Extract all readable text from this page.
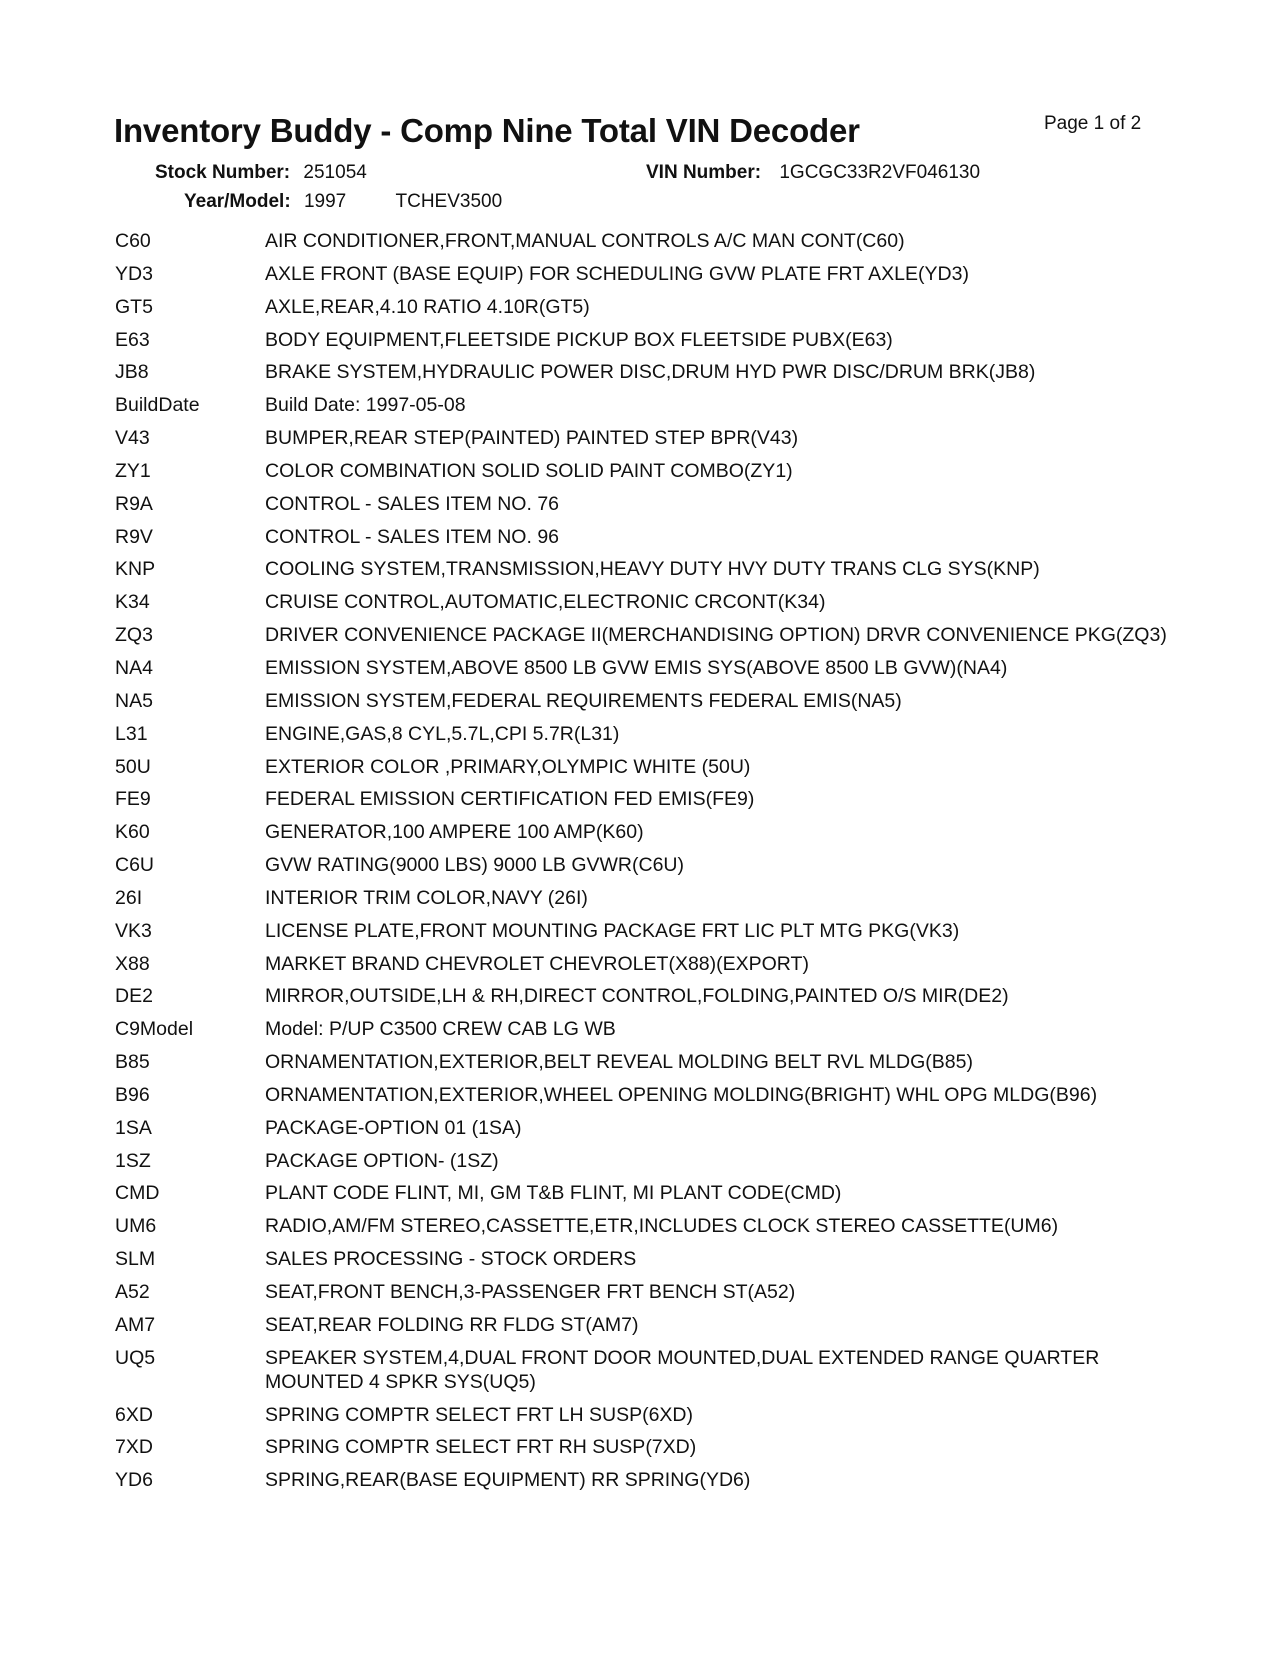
Page 1 of 2
Inventory Buddy - Comp Nine Total VIN Decoder
Stock Number: 251054	VIN Number: 1GCGC33R2VF046130
Year/Model: 1997	TCHEV3500
C60	AIR CONDITIONER,FRONT,MANUAL CONTROLS A/C MAN CONT(C60)
YD3	AXLE FRONT (BASE EQUIP) FOR SCHEDULING GVW PLATE FRT AXLE(YD3)
GT5	AXLE,REAR,4.10 RATIO 4.10R(GT5)
E63	BODY EQUIPMENT,FLEETSIDE PICKUP BOX FLEETSIDE PUBX(E63)
JB8	BRAKE SYSTEM,HYDRAULIC POWER DISC,DRUM HYD PWR DISC/DRUM BRK(JB8)
BuildDate	Build Date: 1997-05-08
V43	BUMPER,REAR STEP(PAINTED) PAINTED STEP BPR(V43)
ZY1	COLOR COMBINATION SOLID SOLID PAINT COMBO(ZY1)
R9A	CONTROL - SALES ITEM NO. 76
R9V	CONTROL - SALES ITEM NO. 96
KNP	COOLING SYSTEM,TRANSMISSION,HEAVY DUTY HVY DUTY TRANS CLG SYS(KNP)
K34	CRUISE CONTROL,AUTOMATIC,ELECTRONIC CRCONT(K34)
ZQ3	DRIVER CONVENIENCE PACKAGE II(MERCHANDISING OPTION) DRVR CONVENIENCE PKG(ZQ3)
NA4	EMISSION SYSTEM,ABOVE 8500 LB GVW EMIS SYS(ABOVE 8500 LB GVW)(NA4)
NA5	EMISSION SYSTEM,FEDERAL REQUIREMENTS FEDERAL EMIS(NA5)
L31	ENGINE,GAS,8 CYL,5.7L,CPI 5.7R(L31)
50U	EXTERIOR COLOR ,PRIMARY,OLYMPIC WHITE (50U)
FE9	FEDERAL EMISSION CERTIFICATION FED EMIS(FE9)
K60	GENERATOR,100 AMPERE 100 AMP(K60)
C6U	GVW RATING(9000 LBS) 9000 LB GVWR(C6U)
26I	INTERIOR TRIM COLOR,NAVY (26I)
VK3	LICENSE PLATE,FRONT MOUNTING PACKAGE FRT LIC PLT MTG PKG(VK3)
X88	MARKET BRAND CHEVROLET CHEVROLET(X88)(EXPORT)
DE2	MIRROR,OUTSIDE,LH & RH,DIRECT CONTROL,FOLDING,PAINTED O/S MIR(DE2)
C9Model	Model: P/UP C3500 CREW CAB LG WB
B85	ORNAMENTATION,EXTERIOR,BELT REVEAL MOLDING BELT RVL MLDG(B85)
B96	ORNAMENTATION,EXTERIOR,WHEEL OPENING MOLDING(BRIGHT) WHL OPG MLDG(B96)
1SA	PACKAGE-OPTION 01 (1SA)
1SZ	PACKAGE OPTION- (1SZ)
CMD	PLANT CODE FLINT, MI, GM T&B FLINT, MI PLANT CODE(CMD)
UM6	RADIO,AM/FM STEREO,CASSETTE,ETR,INCLUDES CLOCK STEREO CASSETTE(UM6)
SLM	SALES PROCESSING - STOCK ORDERS
A52	SEAT,FRONT BENCH,3-PASSENGER FRT BENCH ST(A52)
AM7	SEAT,REAR FOLDING RR FLDG ST(AM7)
UQ5	SPEAKER SYSTEM,4,DUAL FRONT DOOR MOUNTED,DUAL EXTENDED RANGE QUARTER MOUNTED 4 SPKR SYS(UQ5)
6XD	SPRING COMPTR SELECT FRT LH SUSP(6XD)
7XD	SPRING COMPTR SELECT FRT RH SUSP(7XD)
YD6	SPRING,REAR(BASE EQUIPMENT) RR SPRING(YD6)
